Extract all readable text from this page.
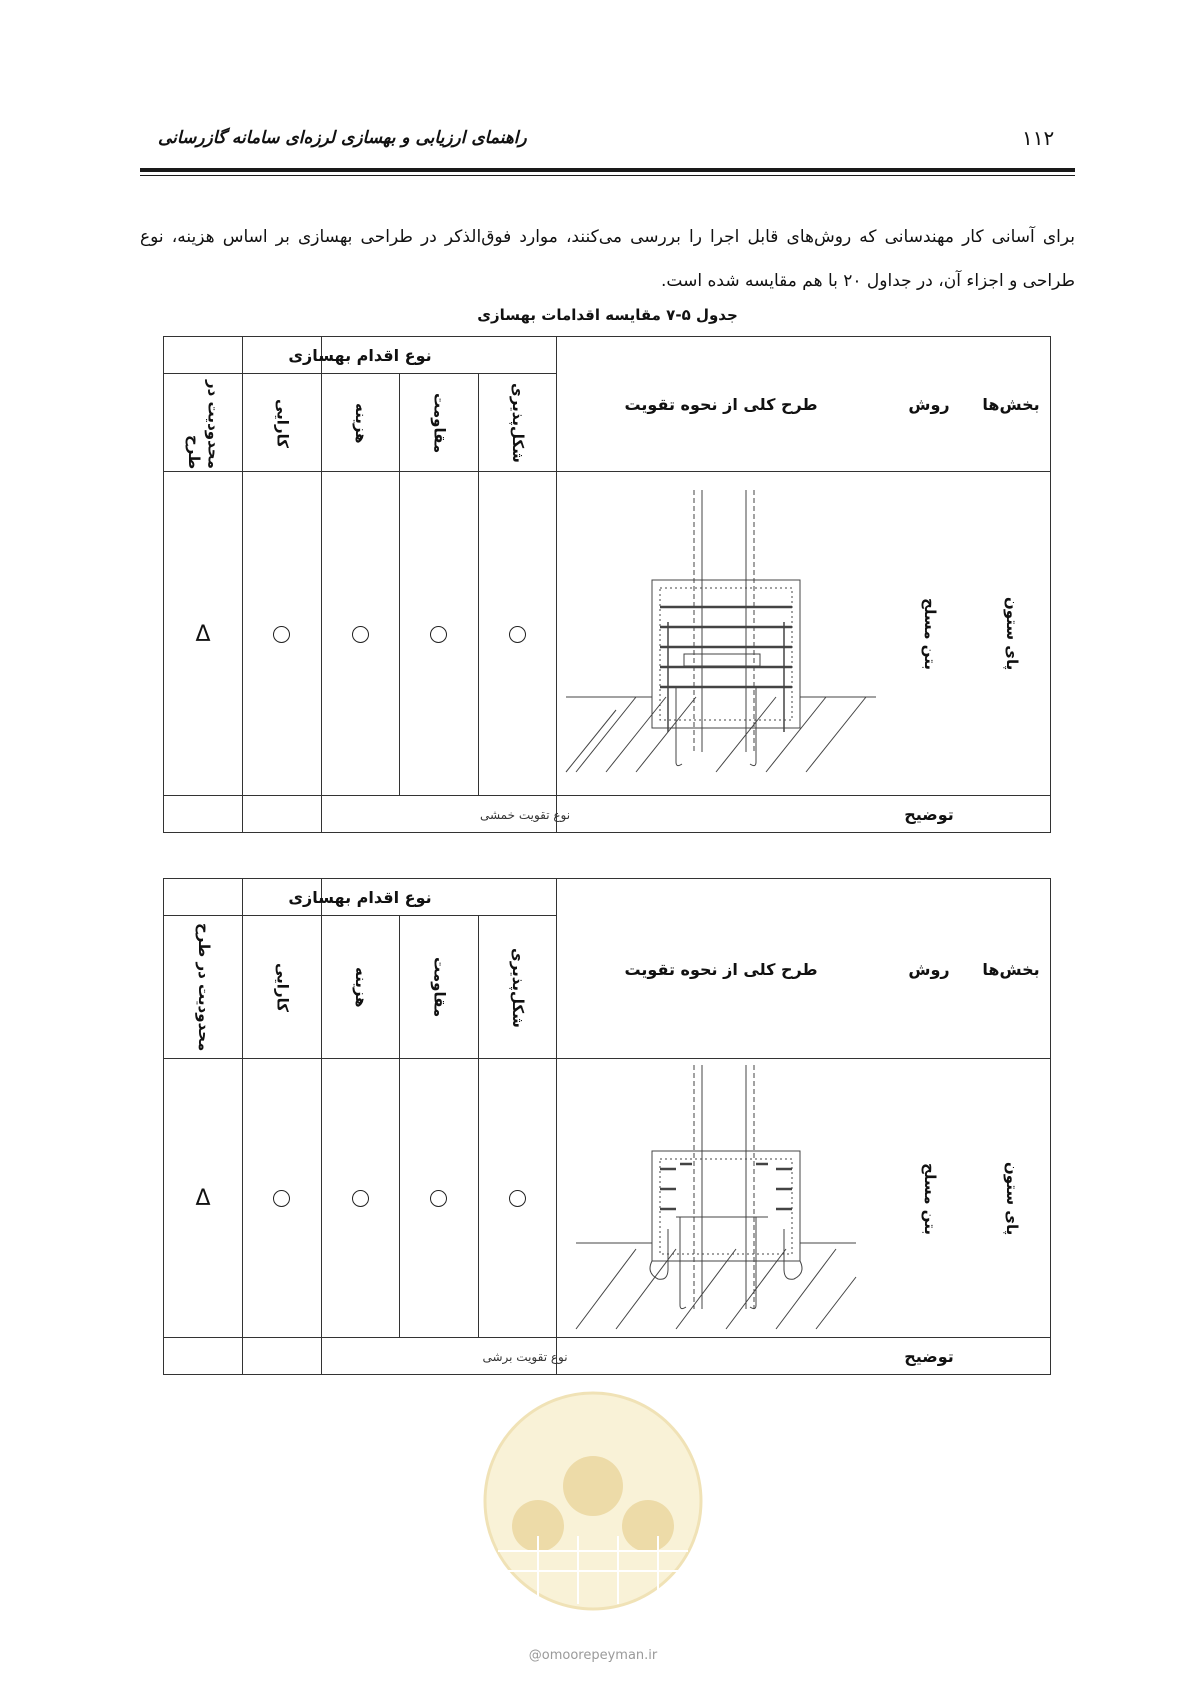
راهنمای ارزیابی و بهسازی لرزه‌ای سامانه گازرسانی	۱۱۲

برای آسانی کار مهندسانی که روش‌های قابل اجرا را بررسی می‌کنند، موارد فوق‌الذکر در طراحی بهسازی بر اساس هزینه، نوع طراحی و اجزاء آن، در جداول ۲۰ با هم مقایسه شده است.

جدول ۵-۷ مقایسه اقدامات بهسازی
بخش‌ها
روش
طرح کلی از نحوه تقویت
نوع اقدام بهسازی
شکل‌پذیری
مقاومت
هزینه
کارایی
محدودیت در طرح
پای ستون
بتن مسلح
Δ
توضیح
نوع تقویت خمشی
بخش‌ها
روش
طرح کلی از نحوه تقویت
نوع اقدام بهسازی
شکل‌پذیری
مقاومت
هزینه
کارایی
محدودیت در طرح
پای ستون
بتن مسلح
Δ
توضیح
نوع تقویت برشی
@omoorepeyman.ir
